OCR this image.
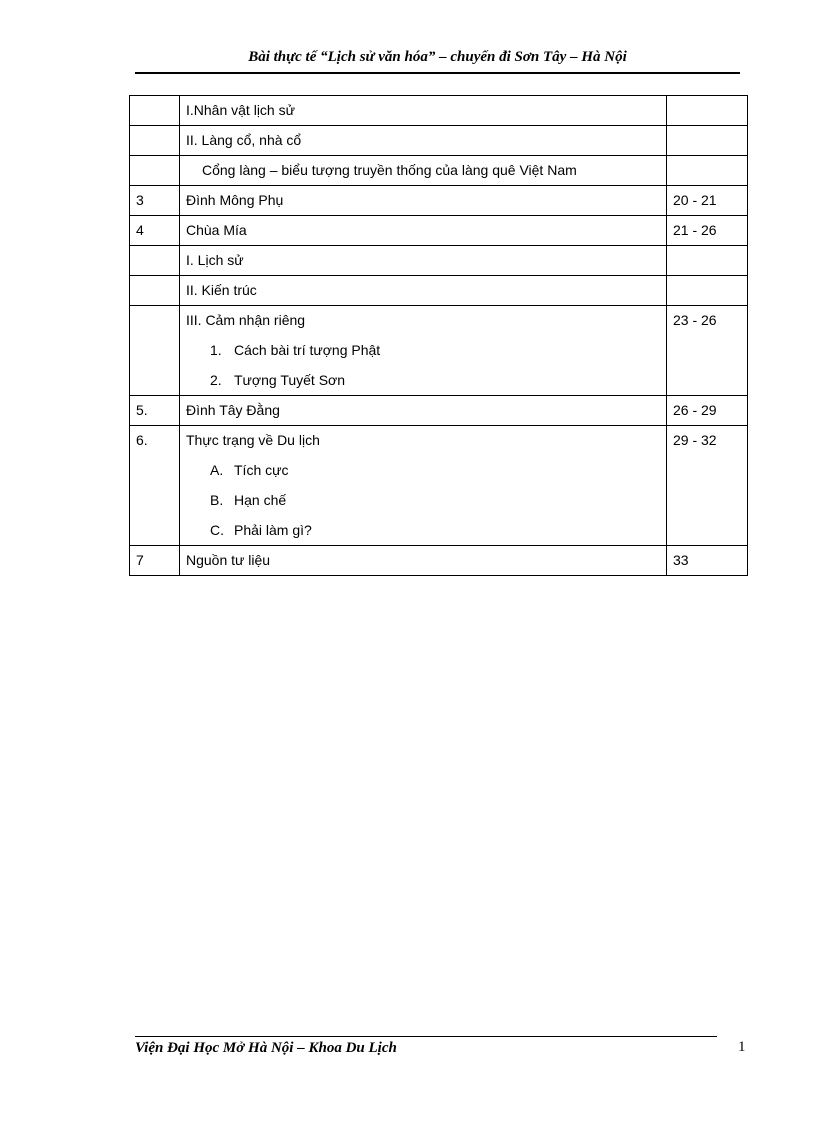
Bài thực tế “Lịch sử văn hóa” – chuyến đi Sơn Tây – Hà Nội
	I.Nhân vật lịch sử	
	II. Làng cổ, nhà cổ	

	Cổng làng – biểu tượng truyền thống của làng quê Việt Nam	

3	Đình Mông Phụ	20 - 21
4	Chùa Mía	21 - 26
	I. Lịch sử	
	II. Kiến trúc	

	III. Cảm nhận riêng
1. Cách bài trí tượng Phật
2. Tượng Tuyết Sơn	23 - 26
5.	Đình Tây Đằng	26 - 29
6.	Thực trạng về Du lịch
A. Tích cực
B. Hạn chế
C. Phải làm gì?	29 - 32
7	Nguồn tư liệu	33
Viện Đại Học Mở Hà Nội – Khoa Du Lịch	1
